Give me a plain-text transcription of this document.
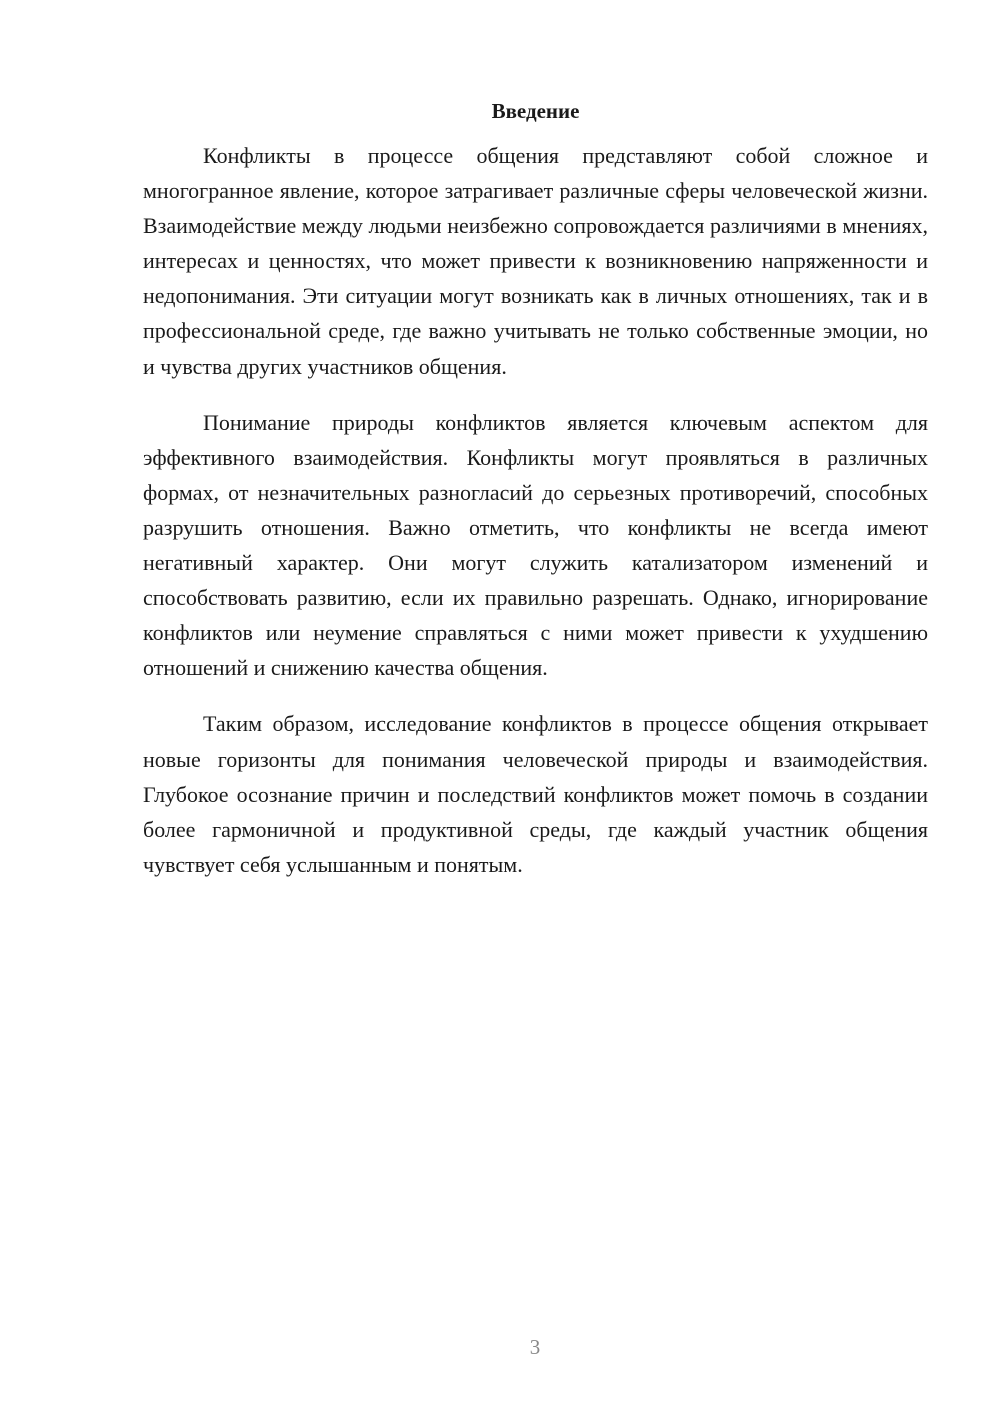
Введение

Конфликты в процессе общения представляют собой сложное и многогранное явление, которое затрагивает различные сферы человеческой жизни. Взаимодействие между людьми неизбежно сопровождается различиями в мнениях, интересах и ценностях, что может привести к возникновению напряженности и недопонимания. Эти ситуации могут возникать как в личных отношениях, так и в профессиональной среде, где важно учитывать не только собственные эмоции, но и чувства других участников общения.

Понимание природы конфликтов является ключевым аспектом для эффективного взаимодействия. Конфликты могут проявляться в различных формах, от незначительных разногласий до серьезных противоречий, способных разрушить отношения. Важно отметить, что конфликты не всегда имеют негативный характер. Они могут служить катализатором изменений и способствовать развитию, если их правильно разрешать. Однако, игнорирование конфликтов или неумение справляться с ними может привести к ухудшению отношений и снижению качества общения.

Таким образом, исследование конфликтов в процессе общения открывает новые горизонты для понимания человеческой природы и взаимодействия. Глубокое осознание причин и последствий конфликтов может помочь в создании более гармоничной и продуктивной среды, где каждый участник общения чувствует себя услышанным и понятым.

3
